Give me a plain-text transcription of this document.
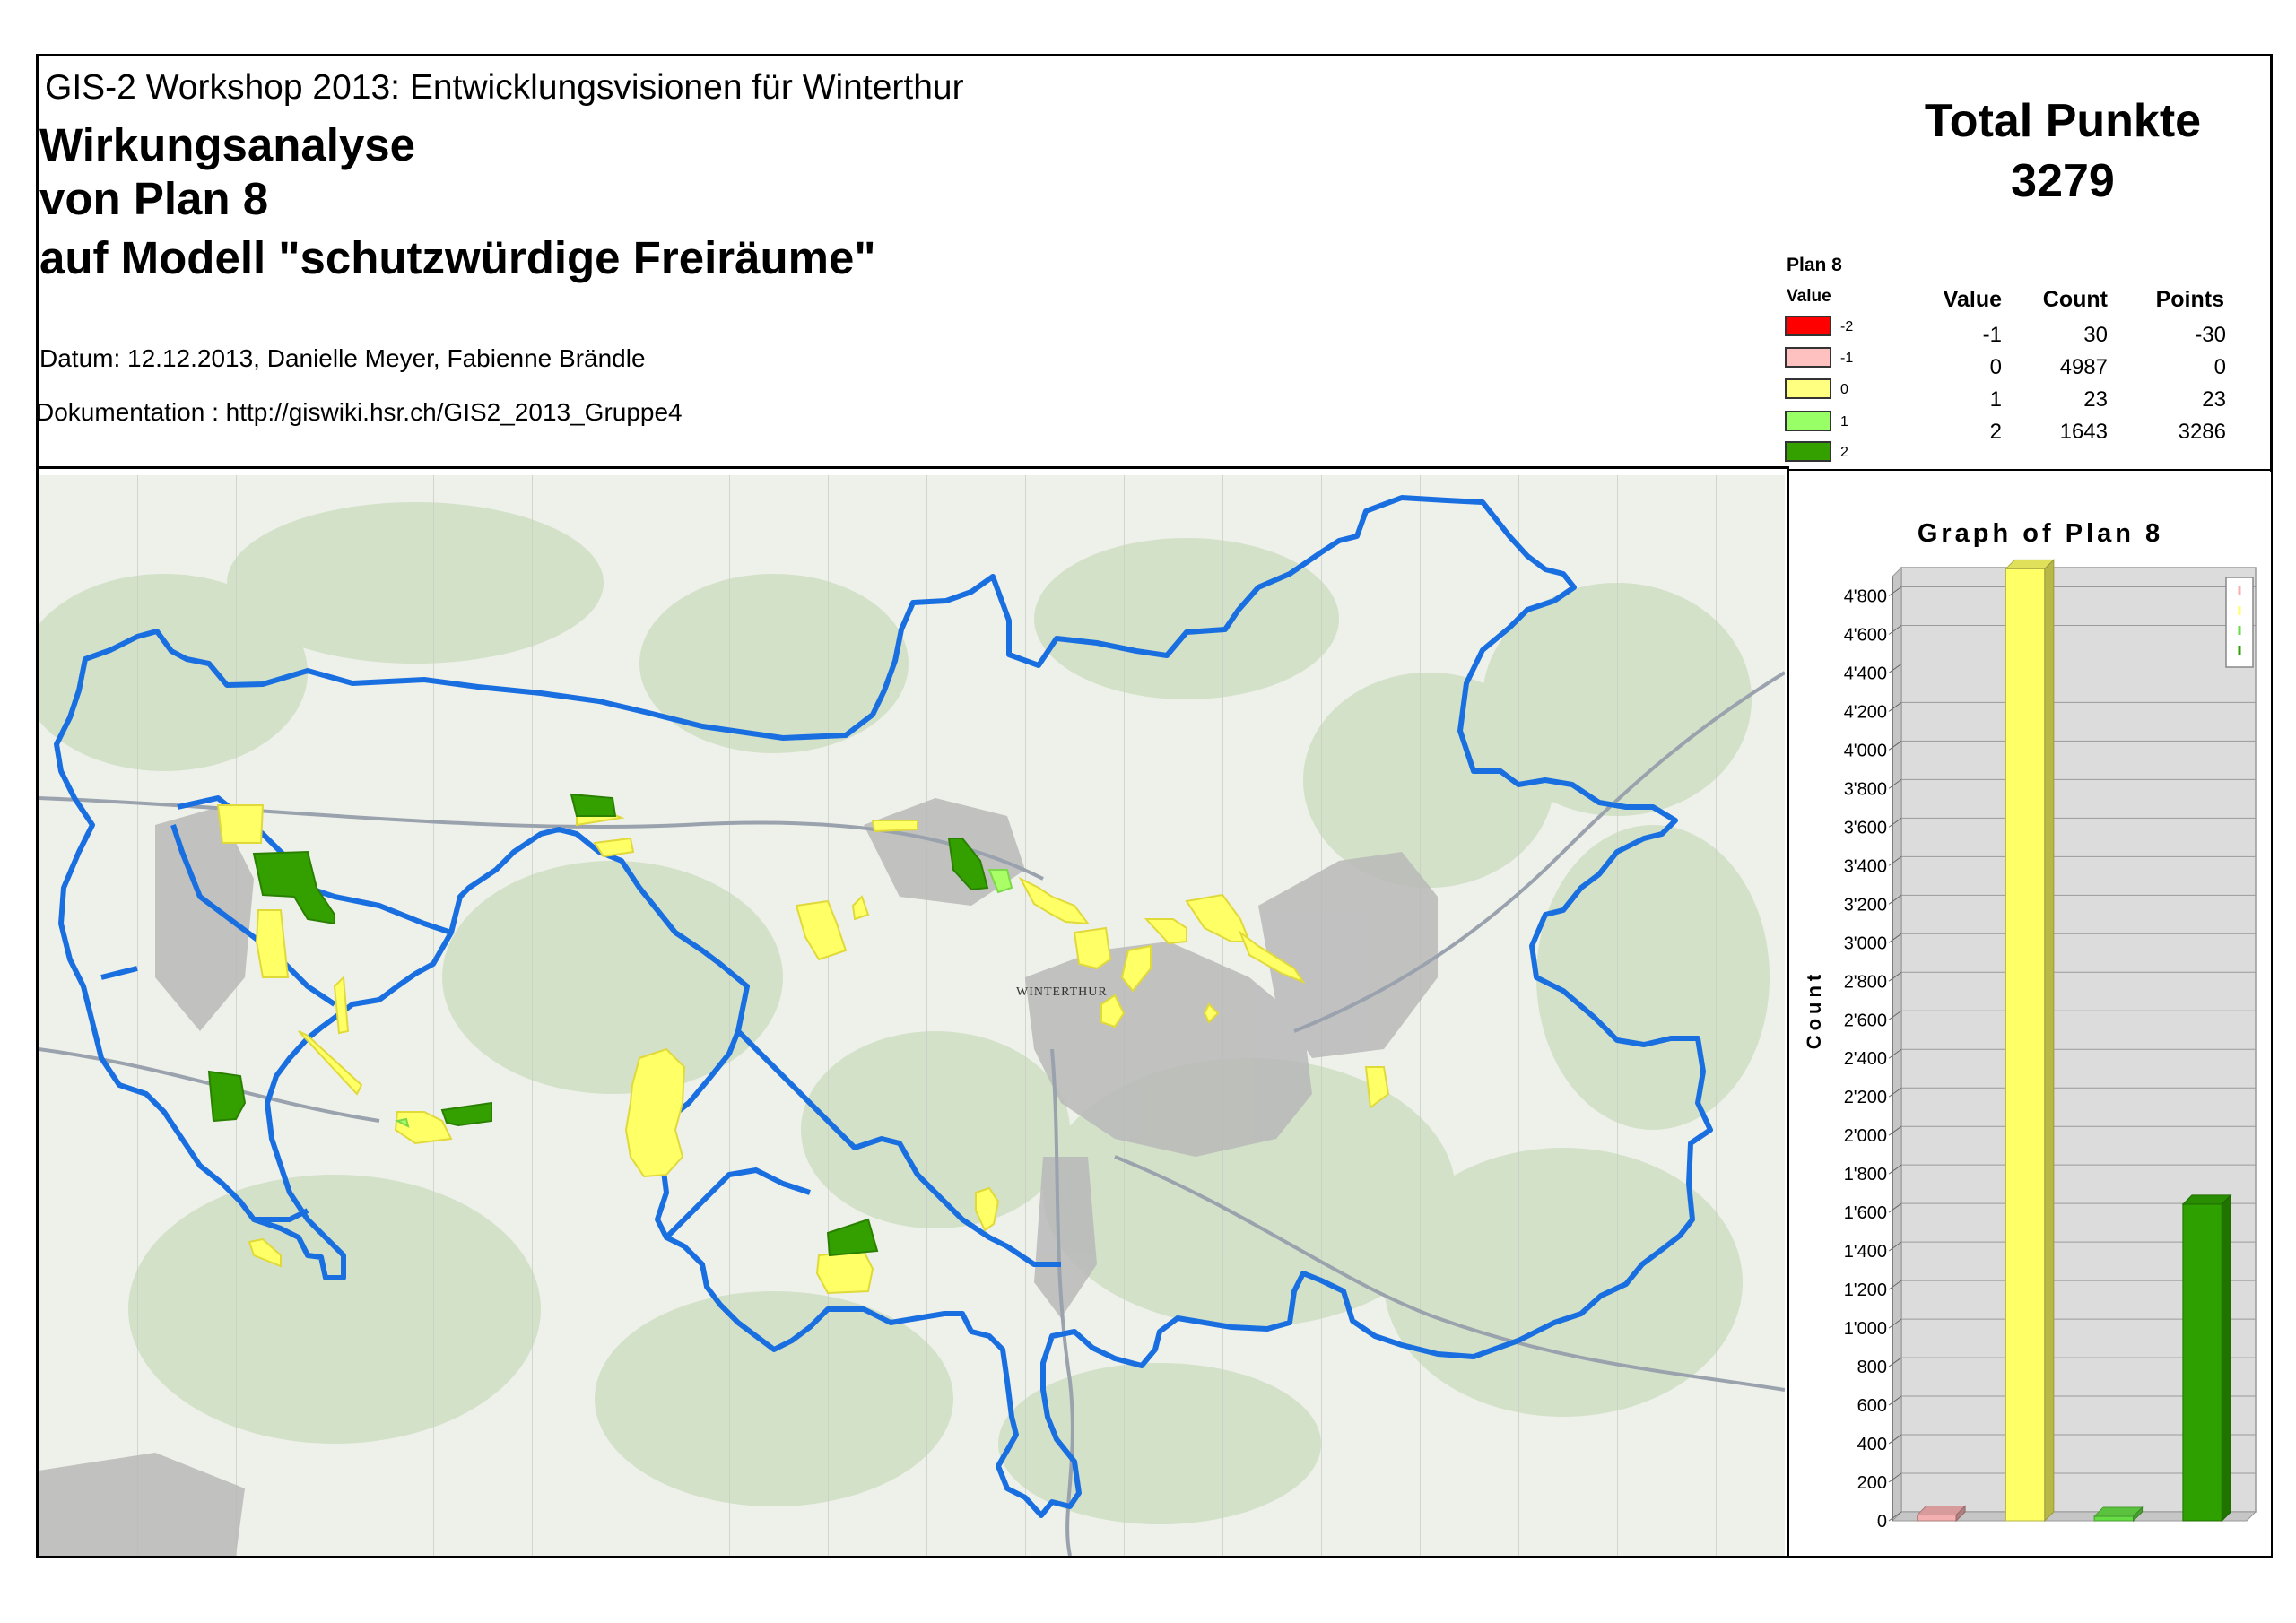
GIS-2 Workshop 2013: Entwicklungsvisionen für Winterthur
Wirkungsanalyse
von Plan 8
auf Modell "schutzwürdige Freiräume"
Datum: 12.12.2013, Danielle Meyer, Fabienne Brändle
Dokumentation : http://giswiki.hsr.ch/GIS2_2013_Gruppe4
Total Punkte
3279
Plan 8
Value
-2
-1
0
1
2
Value	Count	Points
-1	30	-30
0	4987	0
1	23	23
2	1643	3286
WINTERTHUR
Graph of Plan 8
Count
0
200
400
600
800
1'000
1'200
1'400
1'600
1'800
2'000
2'200
2'400
2'600
2'800
3'000
3'200
3'400
3'600
3'800
4'000
4'200
4'400
4'600
4'800
